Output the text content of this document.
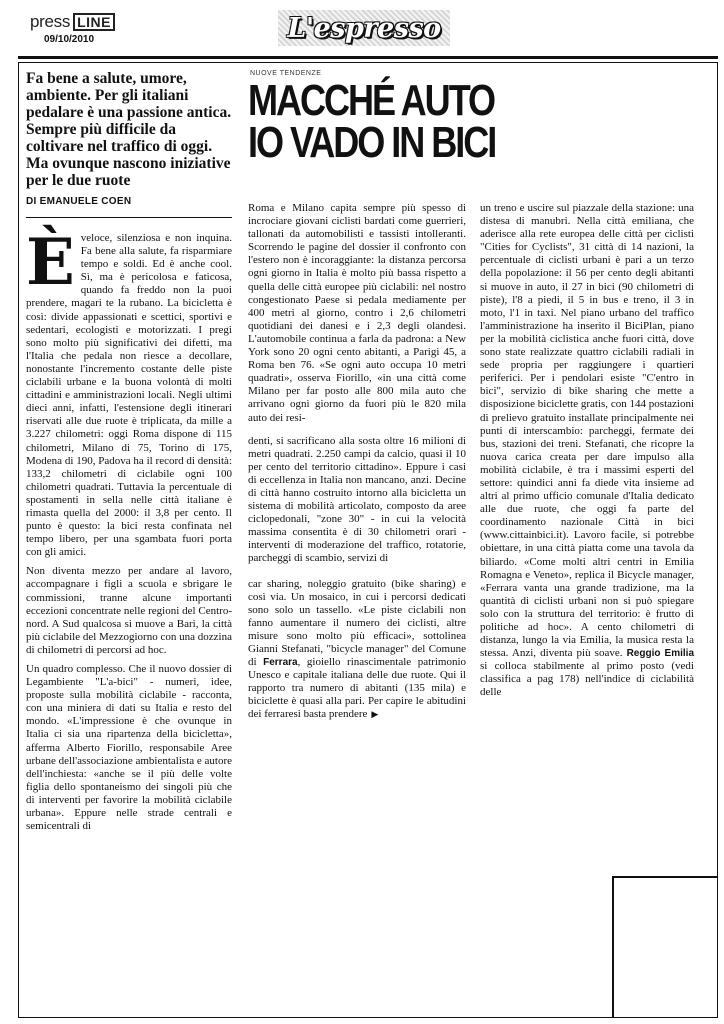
press LINE
09/10/2010	L'espresso
Fa bene a salute, umore, ambiente. Per gli italiani pedalare è una passione antica. Sempre più difficile da coltivare nel traffico di oggi. Ma ovunque nascono iniziative per le due ruote
DI EMANUELE COEN

Èveloce, silenziosa e non inquina. Fa bene alla salute, fa risparmiare tempo e soldi. Ed è anche cool. Sì, ma è pericolosa e faticosa, quando fa freddo non la puoi prendere, magari te la rubano. La bicicletta è così: divide appassionati e scettici, sportivi e sedentari, ecologisti e motorizzati. I pregi sono molto più significativi dei difetti, ma l'Italia che pedala non riesce a decollare, nonostante l'incremento costante delle piste ciclabili urbane e la buona volontà di molti cittadini e amministrazioni locali. Negli ultimi dieci anni, infatti, l'estensione degli itinerari riservati alle due ruote è triplicata, da mille a 3.227 chilometri: oggi Roma dispone di 115 chilometri, Milano di 75, Torino di 175, Modena di 190, Padova ha il record di densità: 133,2 chilometri di ciclabile ogni 100 chilometri quadrati. Tuttavia la percentuale di spostamenti in sella nelle città italiane è rimasta quella del 2000: il 3,8 per cento. Il punto è questo: la bici resta confinata nel tempo libero, per una sgambata fuori porta con gli amici.

Non diventa mezzo per andare al lavoro, accompagnare i figli a scuola e sbrigare le commissioni, tranne alcune importanti eccezioni concentrate nelle regioni del Centro-nord. A Sud qualcosa si muove a Bari, la città più ciclabile del Mezzogiorno con una dozzina di chilometri di percorsi ad hoc.

Un quadro complesso. Che il nuovo dossier di Legambiente "L'a-bici" - numeri, idee, proposte sulla mobilità ciclabile - racconta, con una miniera di dati su Italia e resto del mondo. «L'impressione è che ovunque in Italia ci sia una ripartenza della bicicletta», afferma Alberto Fiorillo, responsabile Aree urbane dell'associazione ambientalista e autore dell'inchiesta: «anche se il più delle volte figlia dello spontaneismo dei singoli più che di interventi per favorire la mobilità ciclabile urbana». Eppure nelle strade centrali e semicentrali di

NUOVE TENDENZE
MACCHÉ AUTO
IO VADO IN BICI

Roma e Milano capita sempre più spesso di incrociare giovani ciclisti bardati come guerrieri, tallonati da automobilisti e tassisti intolleranti. Scorrendo le pagine del dossier il confronto con l'estero non è incoraggiante: la distanza percorsa ogni giorno in Italia è molto più bassa rispetto a quella delle città europee più ciclabili: nel nostro congestionato Paese si pedala mediamente per 400 metri al giorno, contro i 2,6 chilometri quotidiani dei danesi e i 2,3 degli olandesi. L'automobile continua a farla da padrona: a New York sono 20 ogni cento abitanti, a Parigi 45, a Roma ben 76. «Se ogni auto occupa 10 metri quadrati», osserva Fiorillo, «in una città come Milano per far posto alle 800 mila auto che arrivano ogni giorno da fuori più le 820 mila auto dei resi-

denti, si sacrificano alla sosta oltre 16 milioni di metri quadrati. 2.250 campi da calcio, quasi il 10 per cento del territorio cittadino». Eppure i casi di eccellenza in Italia non mancano, anzi. Decine di città hanno costruito intorno alla bicicletta un sistema di mobilità articolato, composto da aree ciclopedonali, "zone 30" - in cui la velocità massima consentita è di 30 chilometri orari - interventi di moderazione del traffico, rotatorie, parcheggi di scambio, servizi di

car sharing, noleggio gratuito (bike sharing) e così via. Un mosaico, in cui i percorsi dedicati sono solo un tassello. «Le piste ciclabili non fanno aumentare il numero dei ciclisti, altre misure sono molto più efficaci», sottolinea Gianni Stefanati, "bicycle manager" del Comune di Ferrara, gioiello rinascimentale patrimonio Unesco e capitale italiana delle due ruote. Qui il rapporto tra numero di abitanti (135 mila) e biciclette è quasi alla pari. Per capire le abitudini dei ferraresi basta prendere ▶

un treno e uscire sul piazzale della stazione: una distesa di manubri. Nella città emiliana, che aderisce alla rete europea delle città per ciclisti "Cities for Cyclists", 31 città di 14 nazioni, la percentuale di ciclisti urbani è pari a un terzo della popolazione: il 56 per cento degli abitanti si muove in auto, il 27 in bici (90 chilometri di piste), l'8 a piedi, il 5 in bus e treno, il 3 in moto, l'1 in taxi. Nel piano urbano del traffico l'amministrazione ha inserito il BiciPlan, piano per la mobilità ciclistica anche fuori città, dove sono state realizzate quattro ciclabili radiali in sede propria per raggiungere i quartieri periferici. Per i pendolari esiste "C'entro in bici", servizio di bike sharing che mette a disposizione biciclette gratis, con 144 postazioni di prelievo gratuito installate principalmente nei punti di interscambio: parcheggi, fermate dei bus, stazioni dei treni. Stefanati, che ricopre la nuova carica creata per dare impulso alla mobilità ciclabile, è tra i massimi esperti del settore: quindici anni fa diede vita insieme ad altri al primo ufficio comunale d'Italia dedicato alle due ruote, che oggi fa parte del coordinamento nazionale Città in bici (www.cittainbici.it). Lavoro facile, si potrebbe obiettare, in una città piatta come una tavola da biliardo. «Come molti altri centri in Emilia Romagna e Veneto», replica il Bicycle manager, «Ferrara vanta una grande tradizione, ma la quantità di ciclisti urbani non si può spiegare solo con la struttura del territorio: è frutto di politiche ad hoc». A cento chilometri di distanza, lungo la via Emilia, la musica resta la stessa. Anzi, diventa più soave. Reggio Emilia si colloca stabilmente al primo posto (vedi classifica a pag 178) nell'indice di ciclabilità delle
